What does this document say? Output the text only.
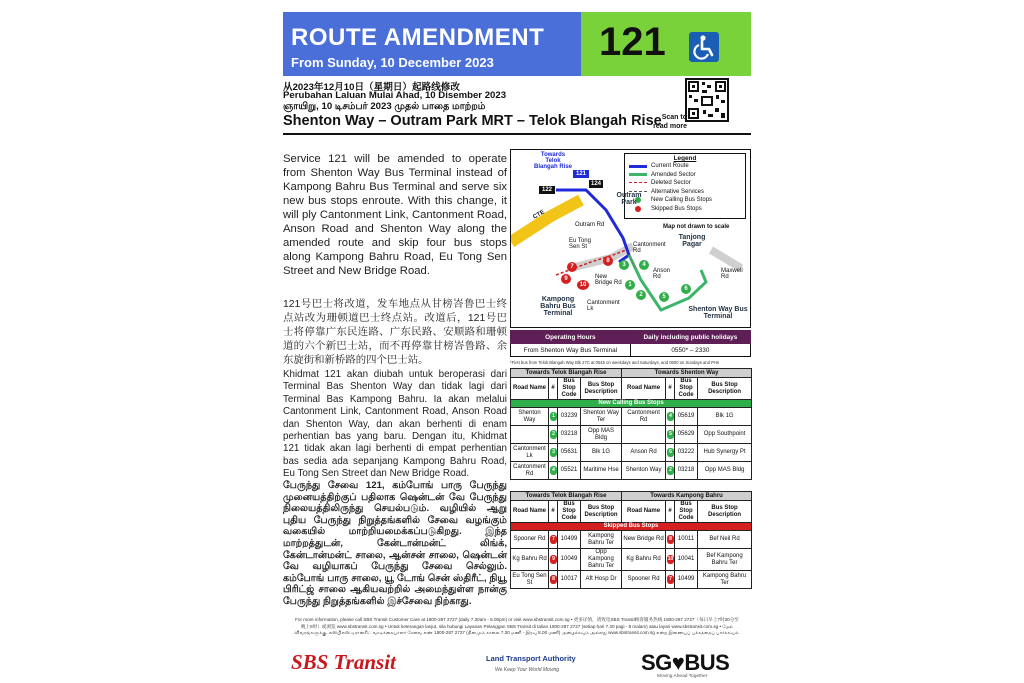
ROUTE AMENDMENT
From Sunday, 10 December 2023	121
从2023年12月10日（星期日）起路线修改
Perubahan Laluan Mulai Ahad, 10 Disember 2023
ஞாயிறு, 10 டிசம்பர் 2023 முதல் பாதை மாற்றம்
Shenton Way – Outram Park MRT – Telok Blangah Rise Scan to read more
Service 121 will be amended to operate from Shenton Way Bus Terminal instead of Kampong Bahru Bus Terminal and serve six new bus stops enroute. With this change, it will ply Cantonment Link, Cantonment Road, Anson Road and Shenton Way along the amended route and skip four bus stops along Kampong Bahru Road, Eu Tong Sen Street and New Bridge Road.
121号巴士将改道，发车地点从甘榜峇鲁巴士终点站改为珊顿道巴士终点站。改道后，121号巴士将停靠广东民连路、广东民路、安顺路和珊顿道的六个新巴士站，而不再停靠甘榜峇鲁路、余东旋街和新桥路的四个巴士站。
Khidmat 121 akan diubah untuk beroperasi dari Terminal Bas Shenton Way dan tidak lagi dari Terminal Bas Kampong Bahru. Ia akan melalui Cantonment Link, Cantonment Road, Anson Road dan Shenton Way, dan akan berhenti di enam perhentian bas yang baru. Dengan itu, Khidmat 121 tidak akan lagi berhenti di empat perhentian bas sedia ada sepanjang Kampong Bahru Road, Eu Tong Sen Street dan New Bridge Road.
பேருந்து சேவை 121, கம்போங் பாரு பேருந்து முனையத்திற்குப் பதிலாக ஷென்டன் வே பேருந்து நிலையத்திலிருந்து செயல்படும். வழியில் ஆறு புதிய பேருந்து நிறுத்தங்களில் சேவை வழங்கும் வகையில் மாற்றியமைக்கப்படுகிறது. இந்த மாற்றத்துடன், கேன்டான்மன்ட் லிங்க், கேன்டான்மன்ட் சாலை, ஆன்சன் சாலை, ஷென்டன் வே வழியாகப் பேருந்து சேவை செல்லும். கம்போங் பாரு சாலை, யூ டோங் சென் ஸ்திரீட், நியூ பிரிட்ஜ் சாலை ஆகியவற்றில் அமைந்துள்ள நான்கு பேருந்து நிறுத்தங்களில் இச்சேவை நிற்காது.
Legend
Current Route
Amended Sector
Deleted Sector
Alternative Services
New Calling Bus Stops
Skipped Bus Stops
Map not drawn to scale
Towards Telok Blangah Rise
121
122
124
CTE
Outram Park
Outram Rd
Eu Tong Sen St	Cantonment Rd
Tanjong Pagar
New Bridge Rd
Anson Rd
Maxwell Rd
Cantonment Lk
Kampong Bahru Bus Terminal
Shenton Way Bus Terminal
1
2
3	4
5
6
7
8
9
10
Operating Hours	Daily including public holidays
From Shenton Way Bus Terminal	0550* – 2330
*First bus from Telok Blangah Way Blk 27C at 0545 on weekdays and Saturdays, and 0600 on Sundays and PHs
Towards Telok Blangah Rise				Towards Shenton Way			
Road Name	#	Bus Stop Code	Bus Stop Description	Road Name	#	Bus Stop Code	Bus Stop Description
New Calling Bus Stops							
Shenton Way	1	03239	Shenton Way Ter	Cantonment Rd	4	05619	Blk 1G
	2	03218	Opp MAS Bldg		5	05629	Opp Southpoint
Cantonment Lk	3	05631	Blk 1G	Anson Rd	6	03222	Hub Synergy Pt
Cantonment Rd	4	05521	Maritime Hse	Shenton Way	2	03218	Opp MAS Bldg
Towards Telok Blangah Rise				Towards Kampong Bahru			
Road Name	#	Bus Stop Code	Bus Stop Description	Road Name	#	Bus Stop Code	Bus Stop Description
Skipped Bus Stops							
Spooner Rd	7	10499	Kampong Bahru Ter	New Bridge Rd	8	10011	Bef Neil Rd
Kg Bahru Rd	9	10049	Opp Kampong Bahru Ter	Kg Bahru Rd	10	10041	Bef Kampong Bahru Ter
Eu Tong Sen St	8	10017	Aft Hosp Dr	Spooner Rd	7	10499	Kampong Bahru Ter
For more information, please call SBS Transit Customer Care at 1800-287 2727 (daily 7.30am - 8.00pm) or visit www.sbstransit.com.sg • 更多详情，请致电SBS Transit顾客服务热线 1800-287 2727（每日早上7时30分至晚上8时）或浏览 www.sbstransit.com.sg • Untuk keterangan lanjut, sila hubungi Layanan Pelanggan SBS Transit di talian 1800-287 2727 (setiap hari 7.30 pagi - 8 malam) atau layari www.sbstransit.com.sg • மேல் விவரங்களுக்கு, எஸ்பிஎஸ் டிரான்சிட் வாடிக்கையாளர் சேவை எண் 1800-287 2727 (தினமும் காலை 7.30 மணி - இரவு 8.00 மணி) அழைக்கவும் அல்லது www.sbstransit.com.sg என்ற இணையப் பக்கத்தைப் பார்க்கவும்.
SBS Transit	Land Transport Authority
We Keep Your World Moving	SG♥BUS
Moving Ahead Together
